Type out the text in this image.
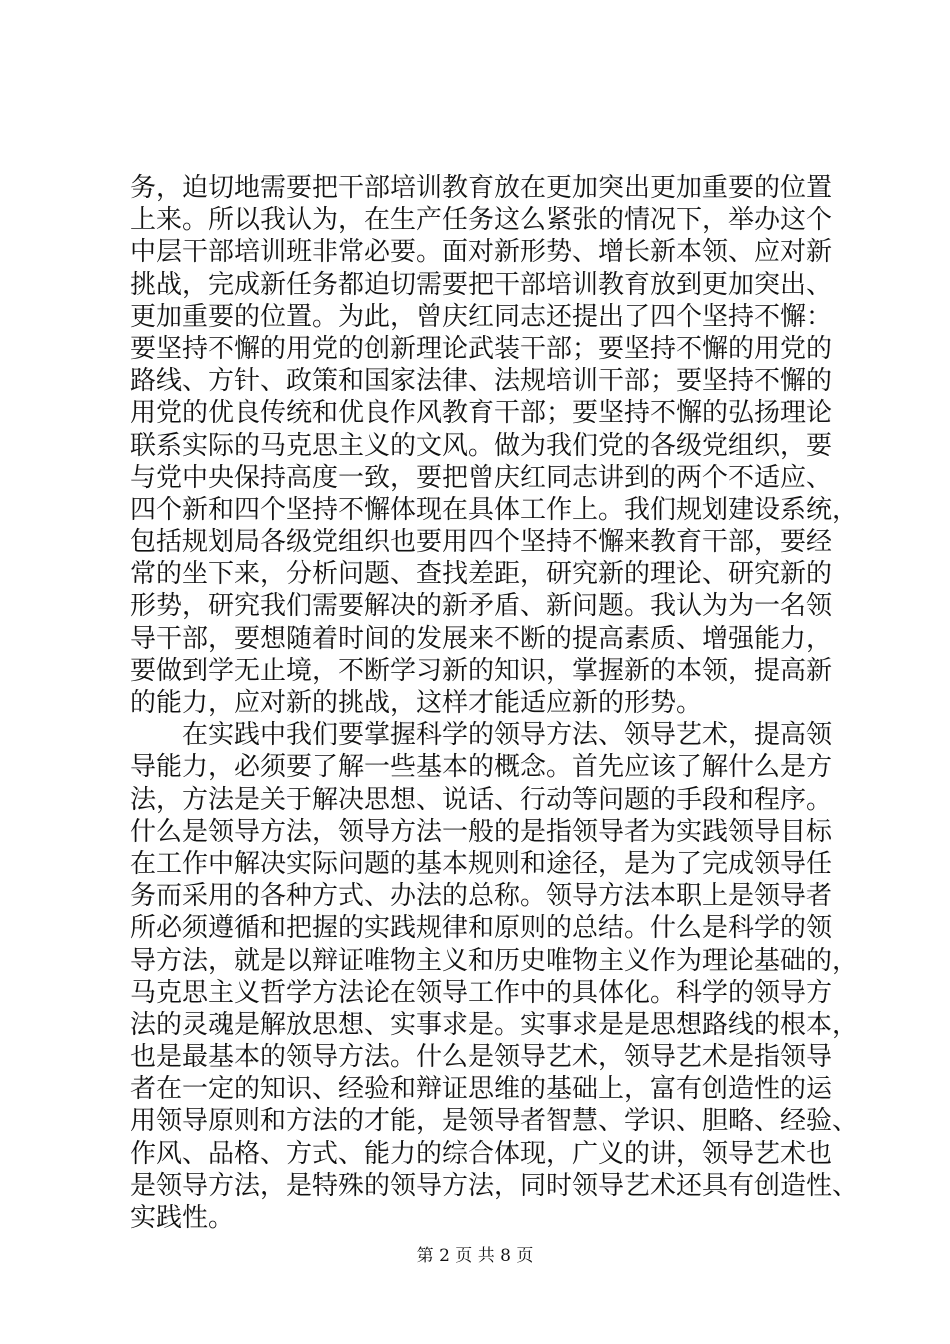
务，迫切地需要把干部培训教育放在更加突出更加重要的位置
上来。所以我认为，在生产任务这么紧张的情况下，举办这个
中层干部培训班非常必要。面对新形势、增长新本领、应对新
挑战，完成新任务都迫切需要把干部培训教育放到更加突出、
更加重要的位置。为此，曾庆红同志还提出了四个坚持不懈：
要坚持不懈的用党的创新理论武装干部；要坚持不懈的用党的
路线、方针、政策和国家法律、法规培训干部；要坚持不懈的
用党的优良传统和优良作风教育干部；要坚持不懈的弘扬理论
联系实际的马克思主义的文风。做为我们党的各级党组织，要
与党中央保持高度一致，要把曾庆红同志讲到的两个不适应、
四个新和四个坚持不懈体现在具体工作上。我们规划建设系统，
包括规划局各级党组织也要用四个坚持不懈来教育干部，要经
常的坐下来，分析问题、查找差距，研究新的理论、研究新的
形势，研究我们需要解决的新矛盾、新问题。我认为为一名领
导干部，要想随着时间的发展来不断的提高素质、增强能力，
要做到学无止境，不断学习新的知识，掌握新的本领，提高新
的能力，应对新的挑战，这样才能适应新的形势。
　　在实践中我们要掌握科学的领导方法、领导艺术，提高领
导能力，必须要了解一些基本的概念。首先应该了解什么是方
法，方法是关于解决思想、说话、行动等问题的手段和程序。
什么是领导方法，领导方法一般的是指领导者为实践领导目标
在工作中解决实际问题的基本规则和途径，是为了完成领导任
务而采用的各种方式、办法的总称。领导方法本职上是领导者
所必须遵循和把握的实践规律和原则的总结。什么是科学的领
导方法，就是以辩证唯物主义和历史唯物主义作为理论基础的，
马克思主义哲学方法论在领导工作中的具体化。科学的领导方
法的灵魂是解放思想、实事求是。实事求是是思想路线的根本，
也是最基本的领导方法。什么是领导艺术，领导艺术是指领导
者在一定的知识、经验和辩证思维的基础上，富有创造性的运
用领导原则和方法的才能，是领导者智慧、学识、胆略、经验、
作风、品格、方式、能力的综合体现，广义的讲，领导艺术也
是领导方法，是特殊的领导方法，同时领导艺术还具有创造性、
实践性。
第 2 页 共 8 页
